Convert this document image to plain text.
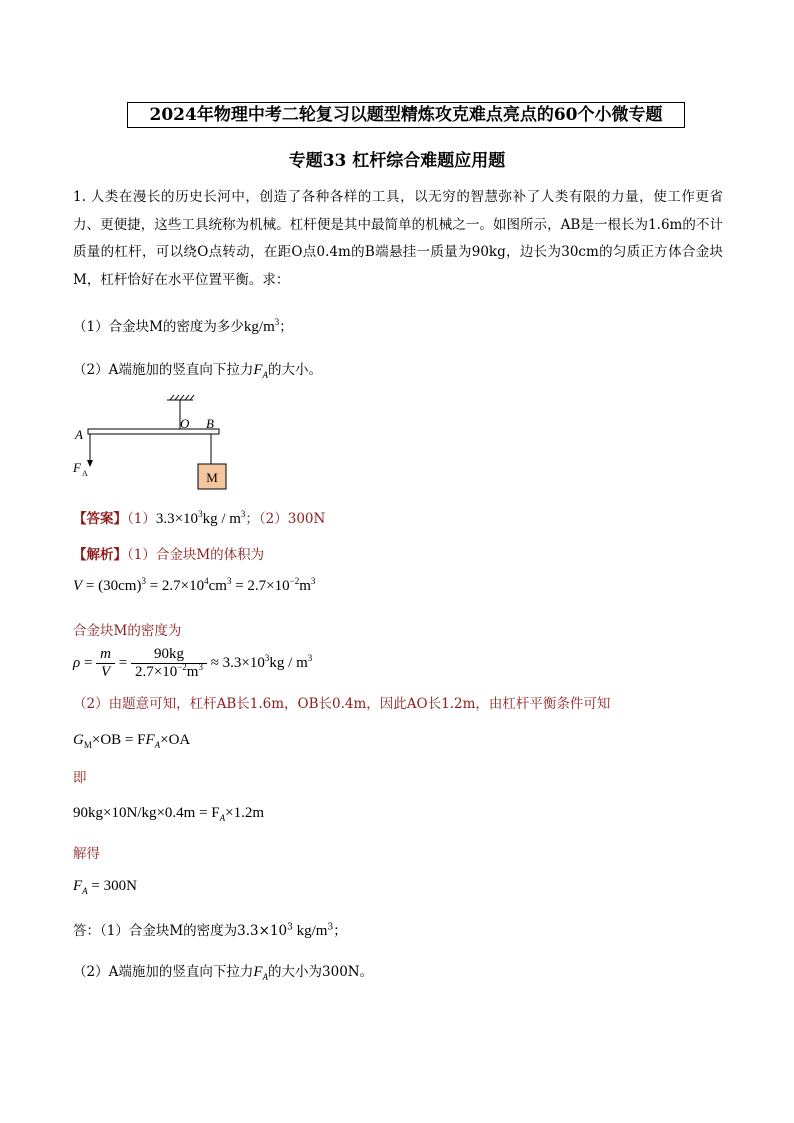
2024年物理中考二轮复习以题型精炼攻克难点亮点的60个小微专题
专题33 杠杆综合难题应用题
1. 人类在漫长的历史长河中，创造了各种各样的工具，以无穷的智慧弥补了人类有限的力量，使工作更省力、更便捷，这些工具统称为机械。杠杆便是其中最简单的机械之一。如图所示，AB是一根长为1.6m的不计质量的杠杆，可以绕O点转动，在距O点0.4m的B端悬挂一质量为90kg，边长为30cm的匀质正方体合金块M，杠杆恰好在水平位置平衡。求：
（1）合金块M的密度为多少$kg/m^3$；
（2）A端施加的竖直向下拉力$F_A$的大小。
M
A
O B
F A
【答案】$(1)3.3\times 10^3kg / m^3$；（2）300N
【解析】（1）合金块M的体积为
$V = (30cm)^3 = 2.7\times 10^4cm^3 = 2.7\times 10^{-2}m^3$
合金块M的密度为
$\rho = \frac{m}{V} = \frac{90kg}{2.7\times 10^{-2}m^3} \approx 3.3\times 10^3kg / m^3$
（2）由题意可知，杠杆AB长1.6m，OB长0.4m，因此AO长1.2m，由杠杆平衡条件可知
$G_M\times OB = FF_A\times OA$
即
$90kg\times 10N/kg\times 0.4m = F_A\times 1.2m$
解得
$F_A = 300N$
答：（1）合金块M的密度为$3.3\times 10^3$ $kg/m^3$；
（2）A端施加的竖直向下拉力$F_A$的大小为300N。
